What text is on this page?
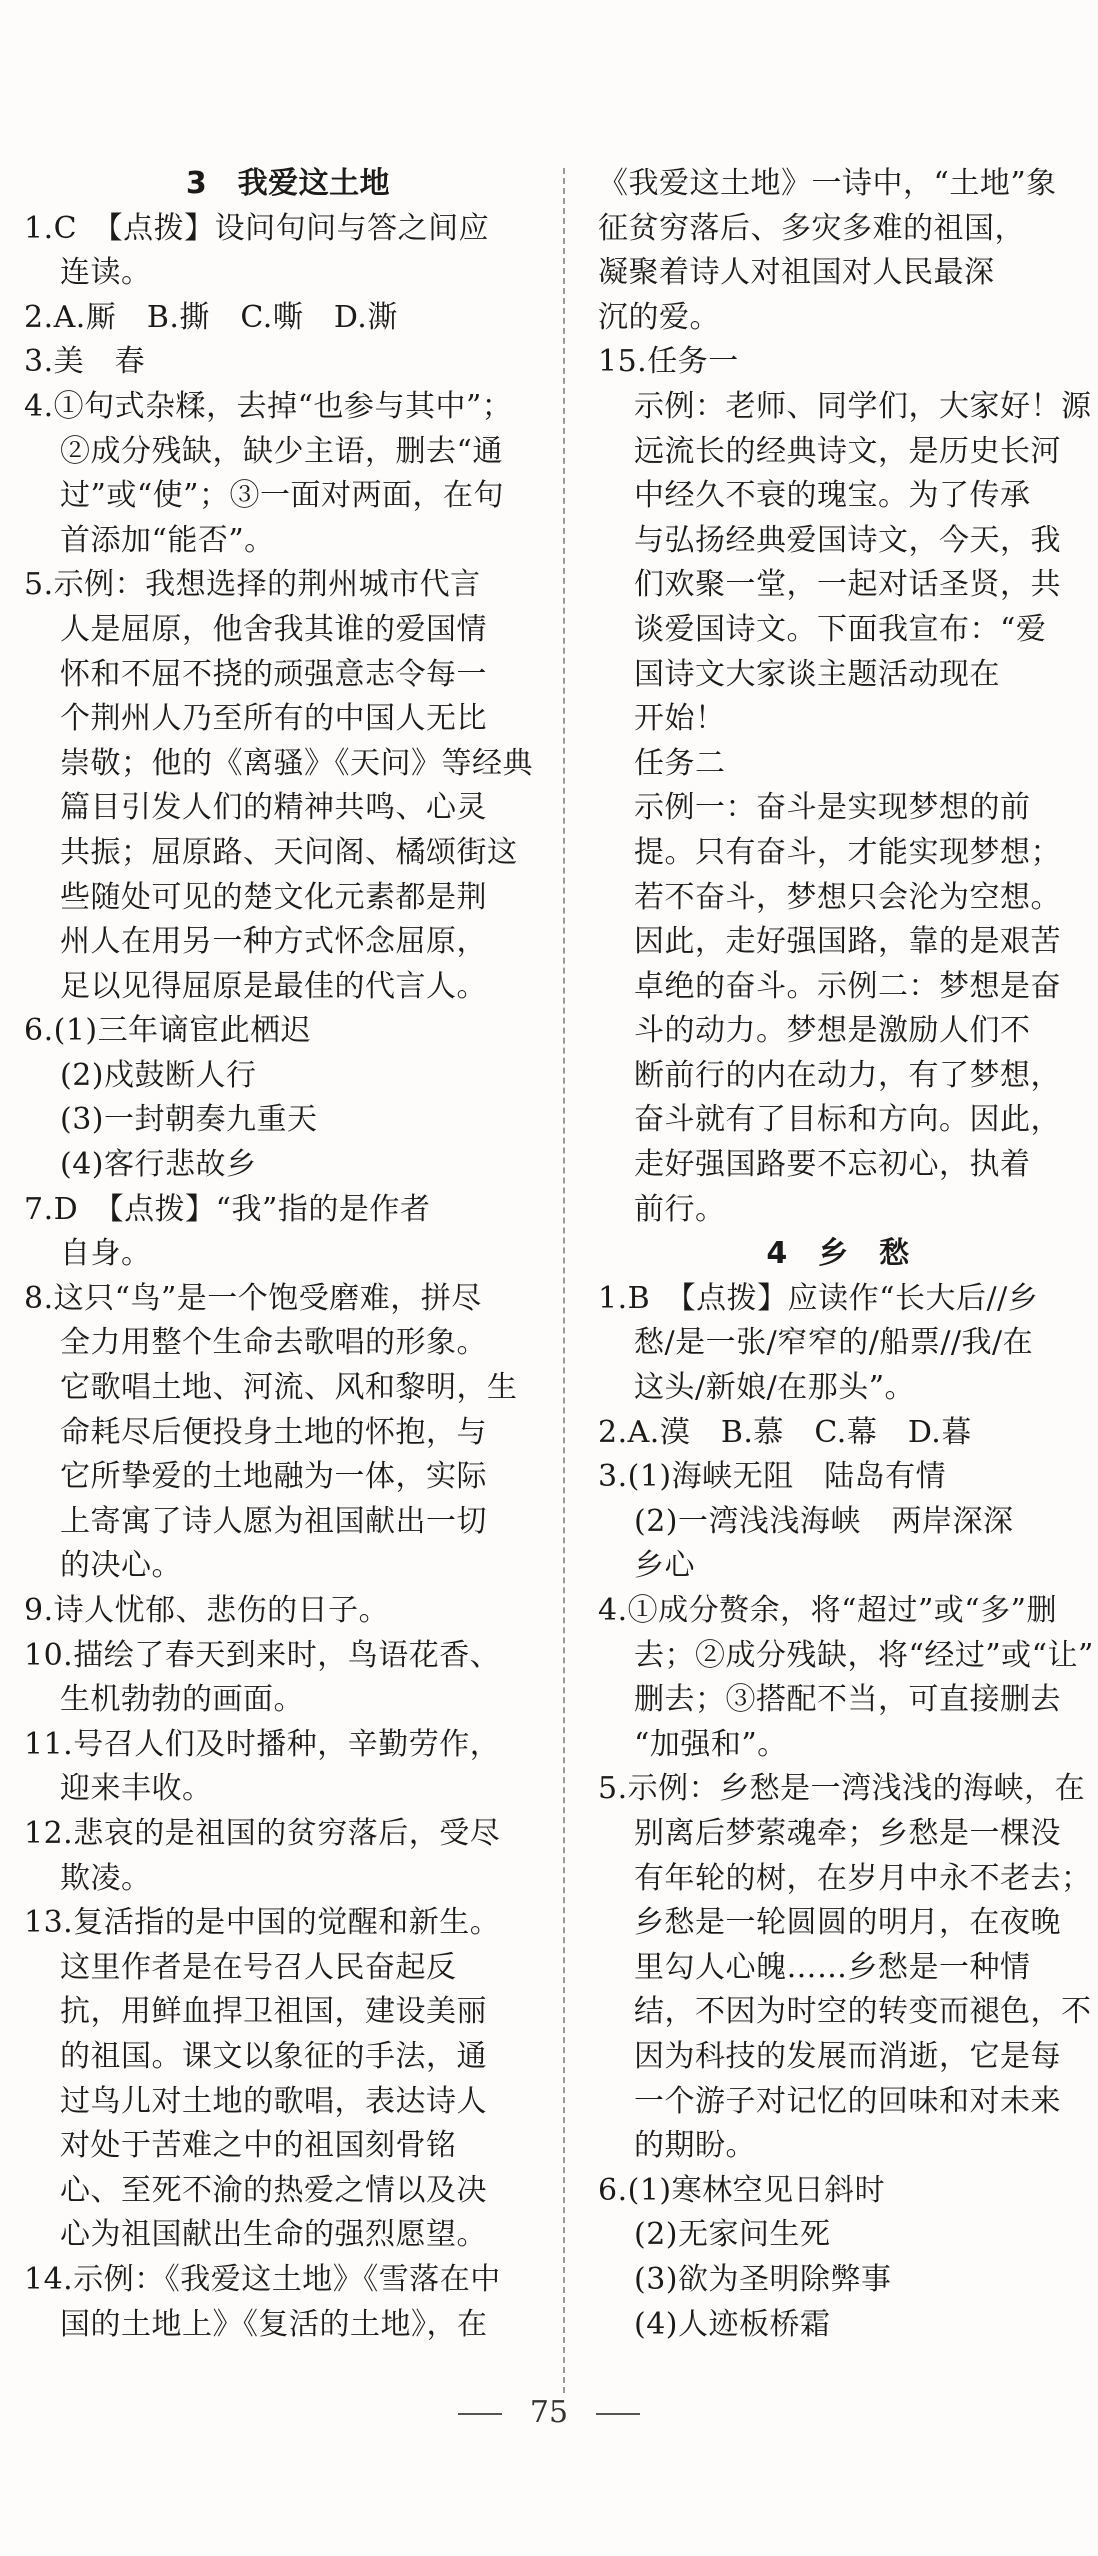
3　我爱这土地
1.C　【点拨】设问句问与答之间应
连读。
2.A.厮　B.撕　C.嘶　D.澌
3.美　春
4.①句式杂糅，去掉“也参与其中”；
②成分残缺，缺少主语，删去“通
过”或“使”；③一面对两面，在句
首添加“能否”。
5.示例：我想选择的荆州城市代言
人是屈原，他舍我其谁的爱国情
怀和不屈不挠的顽强意志令每一
个荆州人乃至所有的中国人无比
崇敬；他的《离骚》《天问》等经典
篇目引发人们的精神共鸣、心灵
共振；屈原路、天问阁、橘颂街这
些随处可见的楚文化元素都是荆
州人在用另一种方式怀念屈原，
足以见得屈原是最佳的代言人。
6.(1)三年谪宦此栖迟
(2)戍鼓断人行
(3)一封朝奏九重天
(4)客行悲故乡
7.D　【点拨】“我”指的是作者
自身。
8.这只“鸟”是一个饱受磨难，拼尽
全力用整个生命去歌唱的形象。
它歌唱土地、河流、风和黎明，生
命耗尽后便投身土地的怀抱，与
它所挚爱的土地融为一体，实际
上寄寓了诗人愿为祖国献出一切
的决心。
9.诗人忧郁、悲伤的日子。
10.描绘了春天到来时，鸟语花香、
生机勃勃的画面。
11.号召人们及时播种，辛勤劳作，
迎来丰收。
12.悲哀的是祖国的贫穷落后，受尽
欺凌。
13.复活指的是中国的觉醒和新生。
这里作者是在号召人民奋起反
抗，用鲜血捍卫祖国，建设美丽
的祖国。课文以象征的手法，通
过鸟儿对土地的歌唱，表达诗人
对处于苦难之中的祖国刻骨铭
心、至死不渝的热爱之情以及决
心为祖国献出生命的强烈愿望。
14.示例：《我爱这土地》《雪落在中
国的土地上》《复活的土地》，在
《我爱这土地》一诗中，“土地”象
征贫穷落后、多灾多难的祖国，
凝聚着诗人对祖国对人民最深
沉的爱。
15.任务一
示例：老师、同学们，大家好！源
远流长的经典诗文，是历史长河
中经久不衰的瑰宝。为了传承
与弘扬经典爱国诗文，今天，我
们欢聚一堂，一起对话圣贤，共
谈爱国诗文。下面我宣布：“爱
国诗文大家谈主题活动现在
开始！
任务二
示例一：奋斗是实现梦想的前
提。只有奋斗，才能实现梦想；
若不奋斗，梦想只会沦为空想。
因此，走好强国路，靠的是艰苦
卓绝的奋斗。示例二：梦想是奋
斗的动力。梦想是激励人们不
断前行的内在动力，有了梦想，
奋斗就有了目标和方向。因此，
走好强国路要不忘初心，执着
前行。
4　乡　愁
1.B　【点拨】应读作“长大后//乡
愁/是一张/窄窄的/船票//我/在
这头/新娘/在那头”。
2.A.漠　B.慕　C.幕　D.暮
3.(1)海峡无阻　陆岛有情
(2)一湾浅浅海峡　两岸深深
乡心
4.①成分赘余，将“超过”或“多”删
去；②成分残缺，将“经过”或“让”
删去；③搭配不当，可直接删去
“加强和”。
5.示例：乡愁是一湾浅浅的海峡，在
别离后梦萦魂牵；乡愁是一棵没
有年轮的树，在岁月中永不老去；
乡愁是一轮圆圆的明月，在夜晚
里勾人心魄……乡愁是一种情
结，不因为时空的转变而褪色，不
因为科技的发展而消逝，它是每
一个游子对记忆的回味和对未来
的期盼。
6.(1)寒林空见日斜时
(2)无家问生死
(3)欲为圣明除弊事
(4)人迹板桥霜
75
